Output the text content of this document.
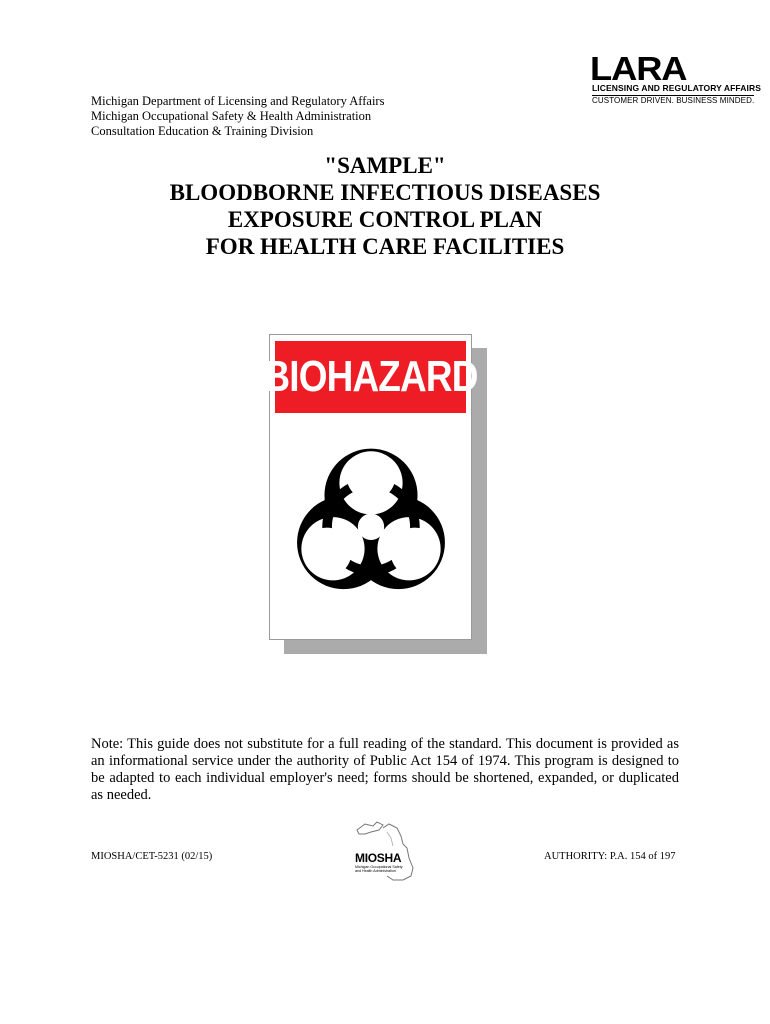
LARA
LICENSING AND REGULATORY AFFAIRS
CUSTOMER DRIVEN. BUSINESS MINDED.
Michigan Department of Licensing and Regulatory Affairs
Michigan Occupational Safety & Health Administration
Consultation Education & Training Division
"SAMPLE"
BLOODBORNE INFECTIOUS DISEASES
EXPOSURE CONTROL PLAN
FOR HEALTH CARE FACILITIES
BIOHAZARD
Note: This guide does not substitute for a full reading of the standard. This document is provided as an informational service under the authority of Public Act 154 of 1974. This program is designed to be adapted to each individual employer's need; forms should be shortened, expanded, or duplicated as needed.
MIOSHA/CET-5231 (02/15)	MIOSHA
Michigan Occupational Safety and Health Administration
AUTHORITY: P.A. 154 of 197
